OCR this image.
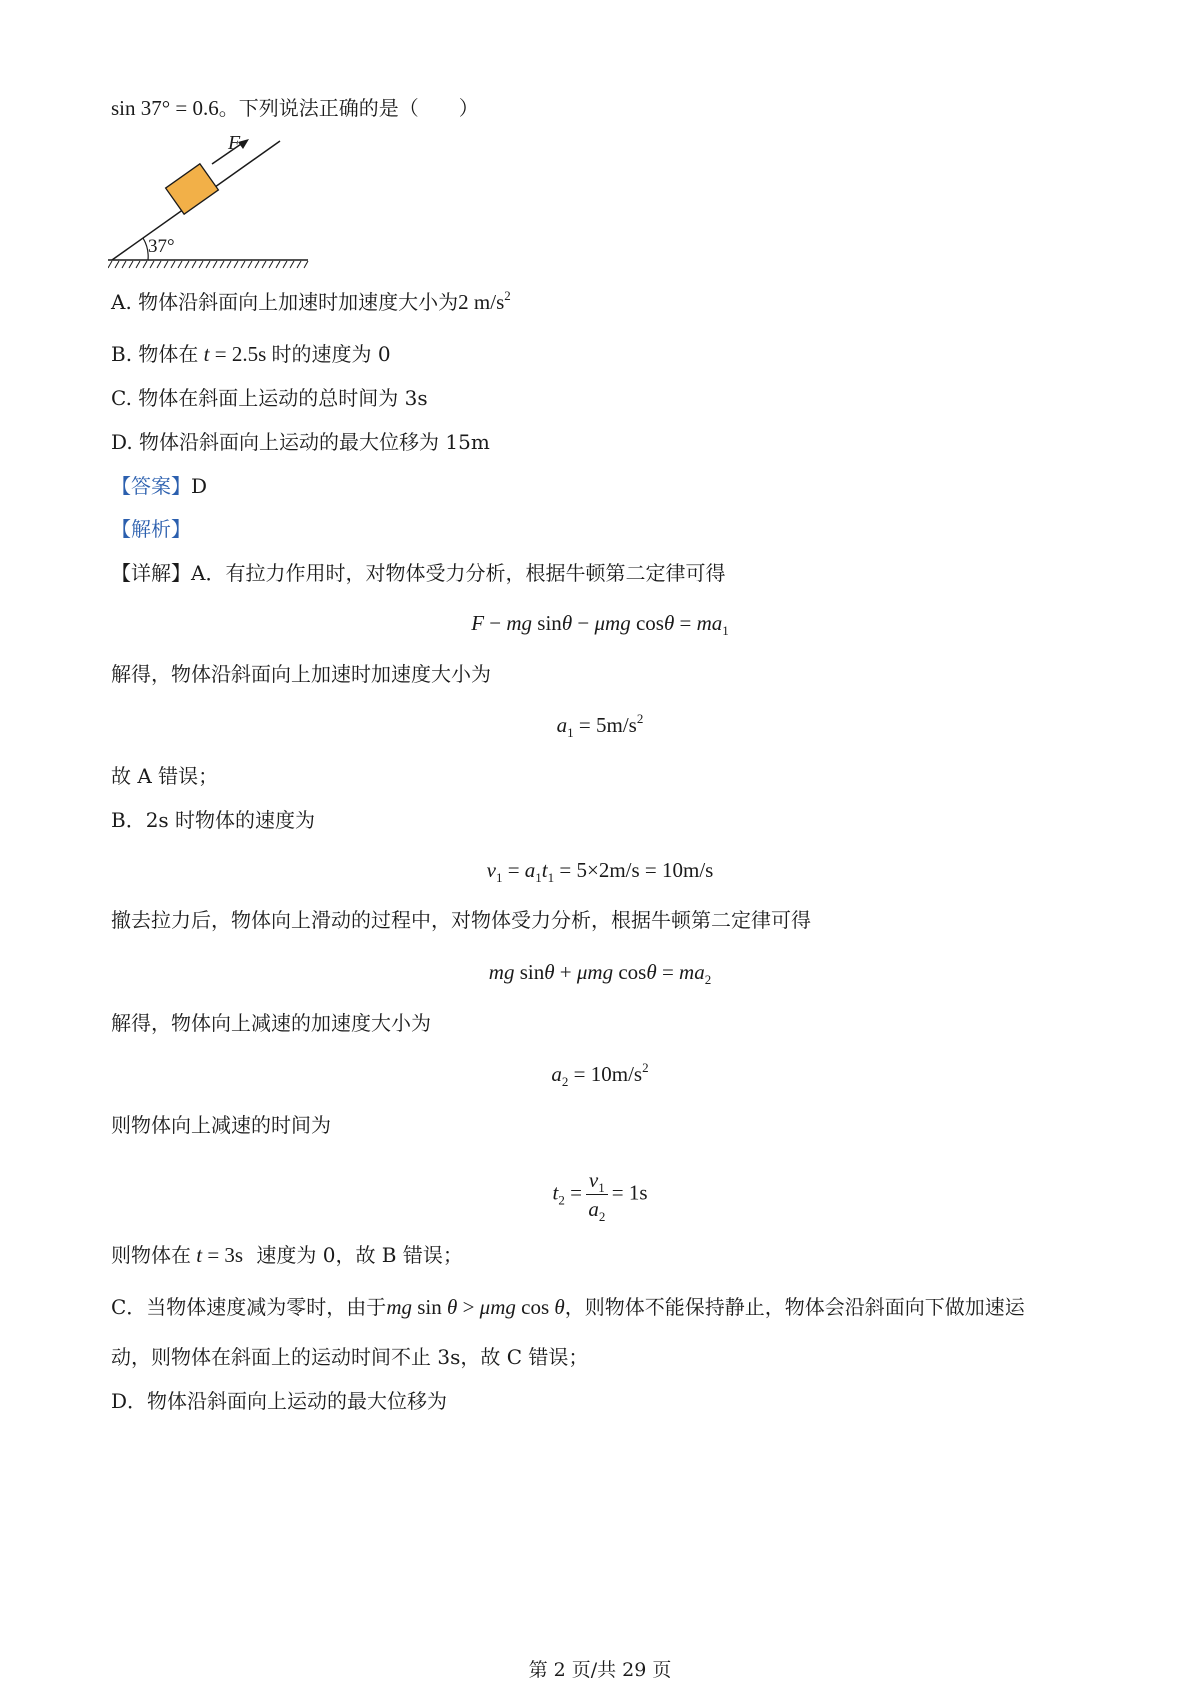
sin 37° = 0.6。下列说法正确的是（　　）
37°
F
A. 物体沿斜面向上加速时加速度大小为2 $m/s^2$
B. 物体在 t = 2.5s 时的速度为 0
C. 物体在斜面上运动的总时间为 3s
D. 物体沿斜面向上运动的最大位移为 15m
【答案】D
【解析】
【详解】A．有拉力作用时，对物体受力分析，根据牛顿第二定律可得
F − mg sinθ − μmg $\cos\theta = ma_1$
解得，物体沿斜面向上加速时加速度大小为
$a_1 = 5m/s^2$
故 A 错误；
B．2s 时物体的速度为
$v_1 = a_1t_1 = 5\times 2m/s = 10m/s$
撤去拉力后，物体向上滑动的过程中，对物体受力分析，根据牛顿第二定律可得
mg sinθ + μmg $\cos\theta = ma_2$
解得，物体向上减速的加速度大小为
$a_2 = 10m/s^2$
则物体向上减速的时间为
$t_2 = \frac{v_1}{a_2} = 1s$
则物体在 t = 3s 速度为 0，故 B 错误；
C．当物体速度减为零时，由于mg sin θ > μmg cos θ，则物体不能保持静止，物体会沿斜面向下做加速运
动，则物体在斜面上的运动时间不止 3s，故 C 错误；
D．物体沿斜面向上运动的最大位移为
第 2 页/共 29 页
